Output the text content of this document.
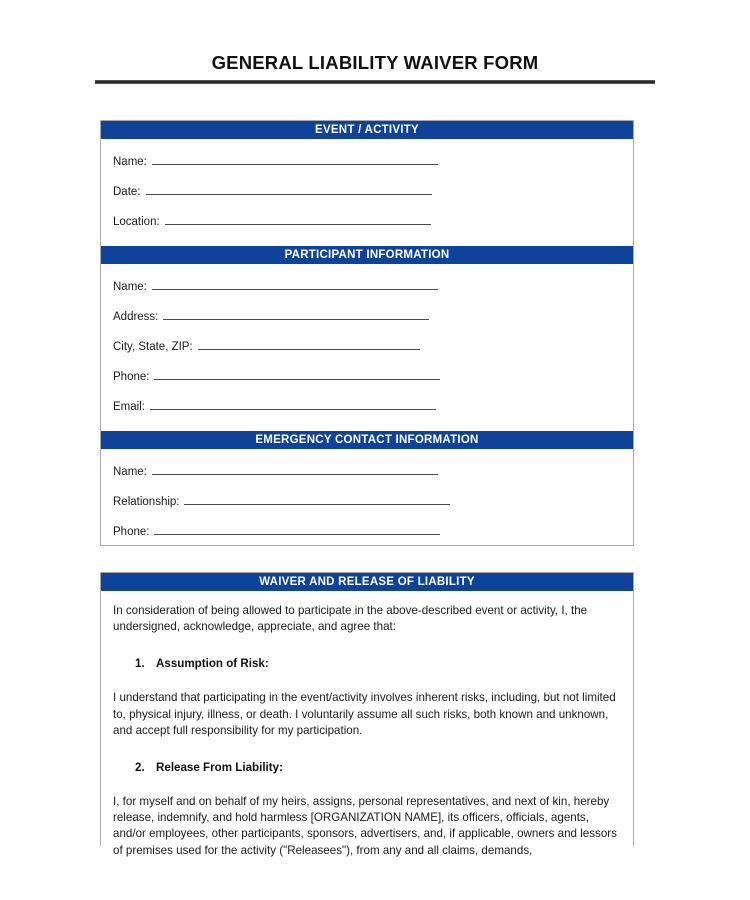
GENERAL LIABILITY WAIVER FORM
EVENT / ACTIVITY
Name:
Date:
Location:
PARTICIPANT INFORMATION
Name:
Address:
City, State, ZIP:
Phone:
Email:
EMERGENCY CONTACT INFORMATION
Name:
Relationship:
Phone:
WAIVER AND RELEASE OF LIABILITY

In consideration of being allowed to participate in the above-described event or activity, I, the undersigned, acknowledge, appreciate, and agree that:

1. Assumption of Risk:

I understand that participating in the event/activity involves inherent risks, including, but not limited to, physical injury, illness, or death. I voluntarily assume all such risks, both known and unknown, and accept full responsibility for my participation.

2. Release From Liability:

I, for myself and on behalf of my heirs, assigns, personal representatives, and next of kin, hereby release, indemnify, and hold harmless [ORGANIZATION NAME], its officers, officials, agents, and/or employees, other participants, sponsors, advertisers, and, if applicable, owners and lessors of premises used for the activity ("Releasees"), from any and all claims, demands,
